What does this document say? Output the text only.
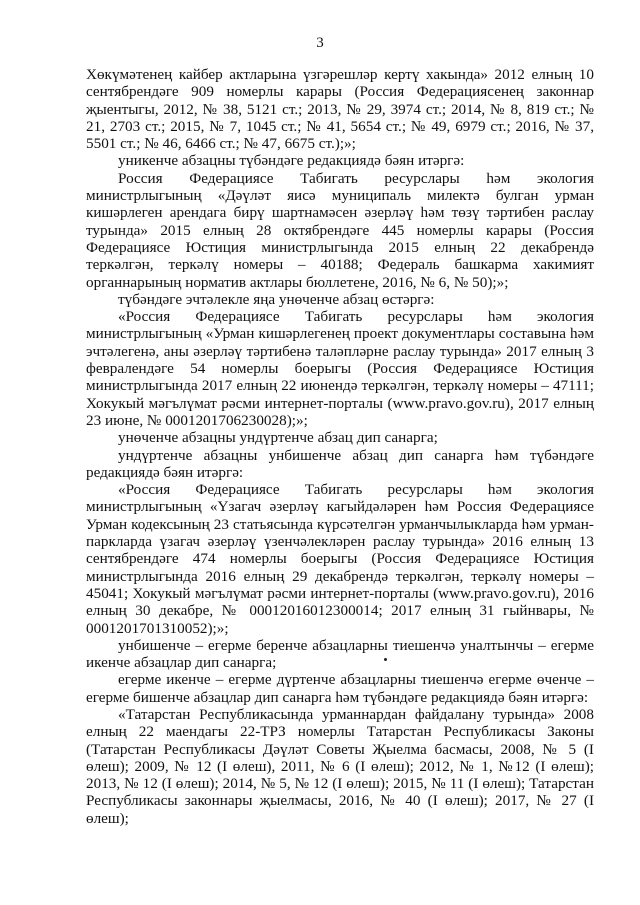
3

Хөкүмәтенең кайбер актларына үзгәрешләр кертү хакында» 2012 елның 10 сентябрендәге 909 номерлы карары (Россия Федерациясенең законнар җыентыгы, 2012, № 38, 5121 ст.; 2013, № 29, 3974 ст.; 2014, № 8, 819 ст.; № 21, 2703 ст.; 2015, № 7, 1045 ст.; № 41, 5654 ст.; № 49, 6979 ст.; 2016, № 37, 5501 ст.; № 46, 6466 ст.; № 47, 6675 ст.);»;

уникенче абзацны түбәндәге редакциядә бәян итәргә:

Россия Федерациясе Табигать ресурслары һәм экология министрлыгының «Дәүләт яисә муниципаль милектә булган урман кишәрлеген арендага бирү шартнамәсен әзерләү һәм төзү тәртибен раслау турында» 2015 елның 28 октябрендәге 445 номерлы карары (Россия Федерациясе Юстиция министрлыгында 2015 елның 22 декабрендә теркәлгән, теркәлү номеры – 40188; Федераль башкарма хакимият органнарының норматив актлары бюллетене, 2016, № 6, № 50);»;

түбәндәге эчтәлекле яңа унөченче абзац өстәргә:

«Россия Федерациясе Табигать ресурслары һәм экология министрлыгының «Урман кишәрлегенең проект документлары составына һәм эчтәлегенә, аны әзерләү тәртибенә таләпләрне раслау турында» 2017 елның 3 февралендәге 54 номерлы боерыгы (Россия Федерациясе Юстиция министрлыгында 2017 елның 22 июнендә теркәлгән, теркәлү номеры – 47111; Хокукый мәгълүмат рәсми интернет-порталы (www.pravo.gov.ru), 2017 елның 23 июне, № 0001201706230028);»;

унөченче абзацны ундүртенче абзац дип санарга;

ундүртенче абзацны унбишенче абзац дип санарга һәм түбәндәге редакциядә бәян итәргә:

«Россия Федерациясе Табигать ресурслары һәм экология министрлыгының «Үзагач әзерләү кагыйдәләрен һәм Россия Федерациясе Урман кодексының 23 статьясында күрсәтелгән урманчылыкларда һәм урман-паркларда үзагач әзерләү үзенчәлекләрен раслау турында» 2016 елның 13 сентябрендәге 474 номерлы боерыгы (Россия Федерациясе Юстиция министрлыгында 2016 елның 29 декабрендә теркәлгән, теркәлү номеры – 45041; Хокукый мәгълүмат рәсми интернет-порталы (www.pravo.gov.ru), 2016 елның 30 декабре, № 00012016012300014; 2017 елның 31 гыйнвары, № 0001201701310052);»;

унбишенче – егерме беренче абзацларны тиешенчә уналтынчы – егерме икенче абзацлар дип санарга;

егерме икенче – егерме дүртенче абзацларны тиешенчә егерме өченче – егерме бишенче абзацлар дип санарга һәм түбәндәге редакциядә бәян итәргә:

«Татарстан Республикасында урманнардан файдалану турында» 2008 елның 22 маендагы 22-ТРЗ номерлы Татарстан Республикасы Законы (Татарстан Республикасы Дәүләт Советы Җыелма басмасы, 2008, № 5 (I өлеш); 2009, № 12 (I өлеш), 2011, № 6 (I өлеш); 2012, № 1, №12 (I өлеш); 2013, № 12 (I өлеш); 2014, № 5, № 12 (I өлеш); 2015, № 11 (I өлеш); Татарстан Республикасы законнары җыелмасы, 2016, № 40 (I өлеш); 2017, № 27 (I өлеш);
